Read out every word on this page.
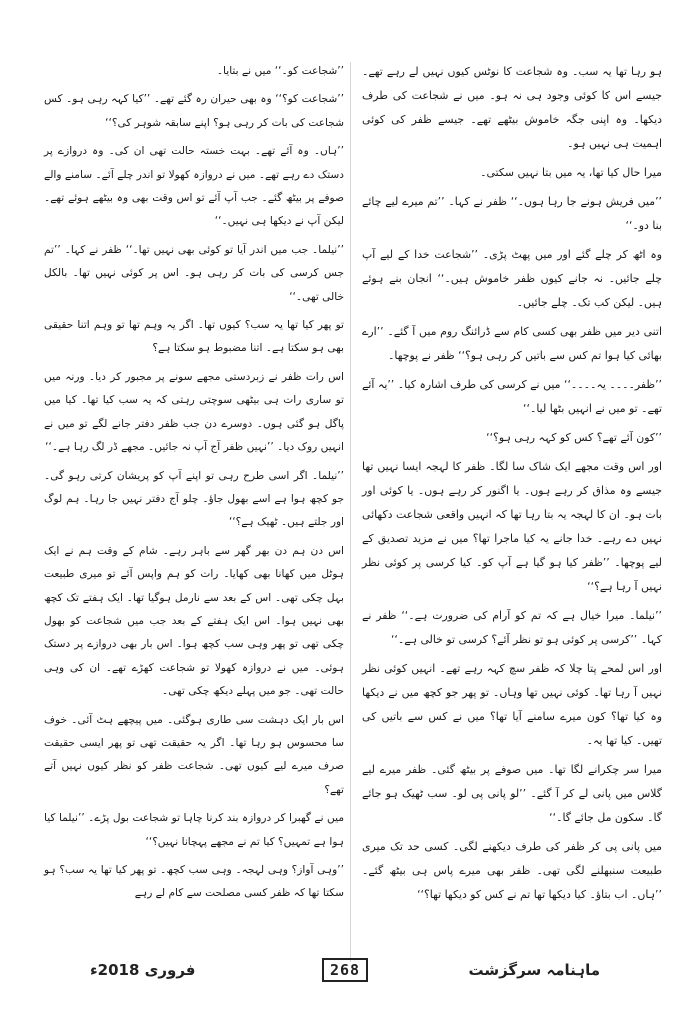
ہو رہا تھا یہ سب۔ وہ شجاعت کا نوٹس کیوں نہیں لے رہے تھے۔ جیسے اس کا کوئی وجود ہی نہ ہو۔ میں نے شجاعت کی طرف دیکھا۔ وہ اپنی جگہ خاموش بیٹھے تھے۔ جیسے ظفر کی کوئی اہمیت ہی نہیں ہو۔

میرا حال کیا تھا، یہ میں بتا نہیں سکتی۔

’’میں فریش ہونے جا رہا ہوں۔‘‘ ظفر نے کہا۔ ’’تم میرے لیے چائے بنا دو۔‘‘

وہ اٹھ کر چلے گئے اور میں پھٹ پڑی۔ ’’شجاعت خدا کے لیے آپ چلے جائیں۔ نہ جانے کیوں ظفر خاموش ہیں۔‘‘ انجان بنے ہوئے ہیں۔ لیکن کب تک۔ چلے جائیں۔

اتنی دیر میں ظفر بھی کسی کام سے ڈرائنگ روم میں آ گئے۔ ’’ارے بھائی کیا ہوا تم کس سے باتیں کر رہی ہو؟‘‘ ظفر نے پوچھا۔

’’ظفر۔۔۔۔ یہ۔۔۔۔‘‘ میں نے کرسی کی طرف اشارہ کیا۔ ’’یہ آئے تھے۔ تو میں نے انہیں بٹھا لیا۔‘‘

’’کون آئے تھے؟ کس کو کہہ رہی ہو؟‘‘

اور اس وقت مجھے ایک شاک سا لگا۔ ظفر کا لہجہ ایسا نہیں تھا جیسے وہ مذاق کر رہے ہوں۔ یا اگنور کر رہے ہوں۔ یا کوئی اور بات ہو۔ ان کا لہجہ یہ بتا رہا تھا کہ انہیں واقعی شجاعت دکھائی نہیں دے رہے۔ خدا جانے یہ کیا ماجرا تھا؟ میں نے مزید تصدیق کے لیے پوچھا۔ ’’ظفر کیا ہو گیا ہے آپ کو۔ کیا کرسی پر کوئی نظر نہیں آ رہا ہے؟‘‘

’’نیلما۔ میرا خیال ہے کہ تم کو آرام کی ضرورت ہے۔‘‘ ظفر نے کہا۔ ’’کرسی پر کوئی ہو تو نظر آئے؟ کرسی تو خالی ہے۔‘‘

اور اس لمحے پتا چلا کہ ظفر سچ کہہ رہے تھے۔ انہیں کوئی نظر نہیں آ رہا تھا۔ کوئی نہیں تھا وہاں۔ تو پھر جو کچھ میں نے دیکھا وہ کیا تھا؟ کون میرے سامنے آیا تھا؟ میں نے کس سے باتیں کی تھیں۔ کیا تھا یہ۔

میرا سر چکرانے لگا تھا۔ میں صوفے پر بیٹھ گئی۔ ظفر میرے لیے گلاس میں پانی لے کر آ گئے۔ ’’لو پانی پی لو۔ سب ٹھیک ہو جائے گا۔ سکون مل جائے گا۔‘‘

میں پانی پی کر ظفر کی طرف دیکھنے لگی۔ کسی حد تک میری طبیعت سنبھلنے لگی تھی۔ ظفر بھی میرے پاس ہی بیٹھ گئے۔ ’’ہاں۔ اب بتاؤ۔ کیا دیکھا تھا تم نے کس کو دیکھا تھا؟‘‘

’’شجاعت کو۔‘‘ میں نے بتایا۔

’’شجاعت کو؟‘‘ وہ بھی حیران رہ گئے تھے۔ ’’کیا کہہ رہی ہو۔ کس شجاعت کی بات کر رہی ہو؟ اپنے سابقہ شوہر کی؟‘‘

’’ہاں۔ وہ آئے تھے۔ بہت خستہ حالت تھی ان کی۔ وہ دروازے پر دستک دے رہے تھے۔ میں نے دروازہ کھولا تو اندر چلے آئے۔ سامنے والے صوفے پر بیٹھ گئے۔ جب آپ آئے تو اس وقت بھی وہ بیٹھے ہوئے تھے۔ لیکن آپ نے دیکھا ہی نہیں۔‘‘

’’نیلما۔ جب میں اندر آیا تو کوئی بھی نہیں تھا۔‘‘ ظفر نے کہا۔ ’’تم جس کرسی کی بات کر رہی ہو۔ اس پر کوئی نہیں تھا۔ بالکل خالی تھی۔‘‘

تو پھر کیا تھا یہ سب؟ کیوں تھا۔ اگر یہ وہم تھا تو وہم اتنا حقیقی بھی ہو سکتا ہے۔ اتنا مضبوط ہو سکتا ہے؟

اس رات ظفر نے زبردستی مجھے سونے پر مجبور کر دیا۔ ورنہ میں تو ساری رات ہی بیٹھی سوچتی رہتی کہ یہ سب کیا تھا۔ کیا میں پاگل ہو گئی ہوں۔ دوسرے دن جب ظفر دفتر جانے لگے تو میں نے انہیں روک دیا۔ ’’نہیں ظفر آج آپ نہ جائیں۔ مجھے ڈر لگ رہا ہے۔‘‘

’’نیلما۔ اگر اسی طرح رہی تو اپنے آپ کو پریشان کرتی رہو گی۔ جو کچھ ہوا ہے اسے بھول جاؤ۔ چلو آج دفتر نہیں جا رہا۔ ہم لوگ اور جلتے ہیں۔ ٹھیک ہے؟‘‘

اس دن ہم دن بھر گھر سے باہر رہے۔ شام کے وقت ہم نے ایک ہوٹل میں کھانا بھی کھایا۔ رات کو ہم واپس آئے تو میری طبیعت بہل چکی تھی۔ اس کے بعد سے نارمل ہوگیا تھا۔ ایک ہفتے تک کچھ بھی نہیں ہوا۔ اس ایک ہفتے کے بعد جب میں شجاعت کو بھول چکی تھی تو پھر وہی سب کچھ ہوا۔ اس بار بھی دروازے پر دستک ہوئی۔ میں نے دروازہ کھولا تو شجاعت کھڑے تھے۔ ان کی وہی حالت تھی۔ جو میں پہلے دیکھ چکی تھی۔

اس بار ایک دہشت سی طاری ہوگئی۔ میں پیچھے ہٹ آئی۔ خوف سا محسوس ہو رہا تھا۔ اگر یہ حقیقت تھی تو پھر ایسی حقیقت صرف میرے لیے کیوں تھی۔ شجاعت ظفر کو نظر کیوں نہیں آتے تھے؟

میں نے گھبرا کر دروازہ بند کرنا چاہا تو شجاعت بول پڑے۔ ’’نیلما کیا ہوا ہے تمہیں؟ کیا تم نے مجھے پہچانا نہیں؟‘‘

’’وہی آواز؟ وہی لہجہ۔ وہی سب کچھ۔ تو پھر کیا تھا یہ سب؟ ہو سکتا تھا کہ ظفر کسی مصلحت سے کام لے رہے

فروری 2018ء	268	ماہنامہ سرگزشت
